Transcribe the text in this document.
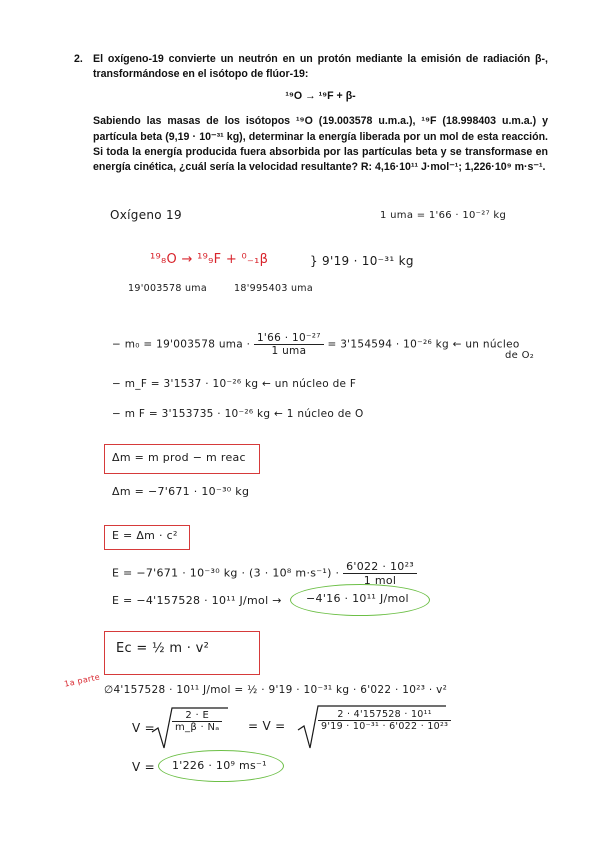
2. El oxígeno-19 convierte un neutrón en un protón mediante la emisión de radiación β-, transformándose en el isótopo de flúor-19:
¹⁹O → ¹⁹F + β-
Sabiendo las masas de los isótopos ¹⁹O (19.003578 u.m.a.), ¹⁹F (18.998403 u.m.a.) y partícula beta (9,19 · 10⁻³¹ kg), determinar la energía liberada por un mol de esta reacción. Si toda la energía producida fuera absorbida por las partículas beta y se transformase en energía cinética, ¿cuál sería la velocidad resultante? R: 4,16·10¹¹ J·mol⁻¹; 1,226·10⁹ m·s⁻¹.
Oxígeno 19	1 uma = 1'66 · 10⁻²⁷ kg
¹⁹₈O → ¹⁹₉F + ⁰₋₁β	} 9'19 · 10⁻³¹ kg
19'003578 uma	18'995403 uma
− m₀ = 19'003578 uma · $\frac{\text{1'66 · 10⁻²⁷}}{\text{1 uma}} = 3'154594 \cdot 10^{-26}$ kg ← un núcleo
de O₂
− m_F = 3'1537 · 10⁻²⁶ kg ← un núcleo de F
− m F = 3'153735 · 10⁻²⁶ kg ← 1 núcleo de O
Δm = m prod − m reac
Δm = −7'671 · 10⁻³⁰ kg
E = Δm · c²
E = −7'671 · 10⁻³⁰ kg · (3 · 10⁸ $m\cdot s^{-1}) \cdot \frac{\text{6'022 · 10²³}}{\text{1 mol}}$
E = −4'157528 · 10¹¹ J/mol → −4'16 · 10¹¹ J/mol
Ec = ½ m · v²
1a parte
∅4'157528 · 10¹¹ J/mol = ½ · 9'19 · 10⁻³¹ kg · 6'022 · 10²³ · v²
$V = \frac{2 \cdot E}{\text{m\_β · Nₐ}} = V$ =	$\frac{\text{2 · 4'157528 · 10¹¹}}{\text{9'19 · 10⁻³¹ · 6'022 · 10²³}}$
V = 1'226 · 10⁹ ms⁻¹
